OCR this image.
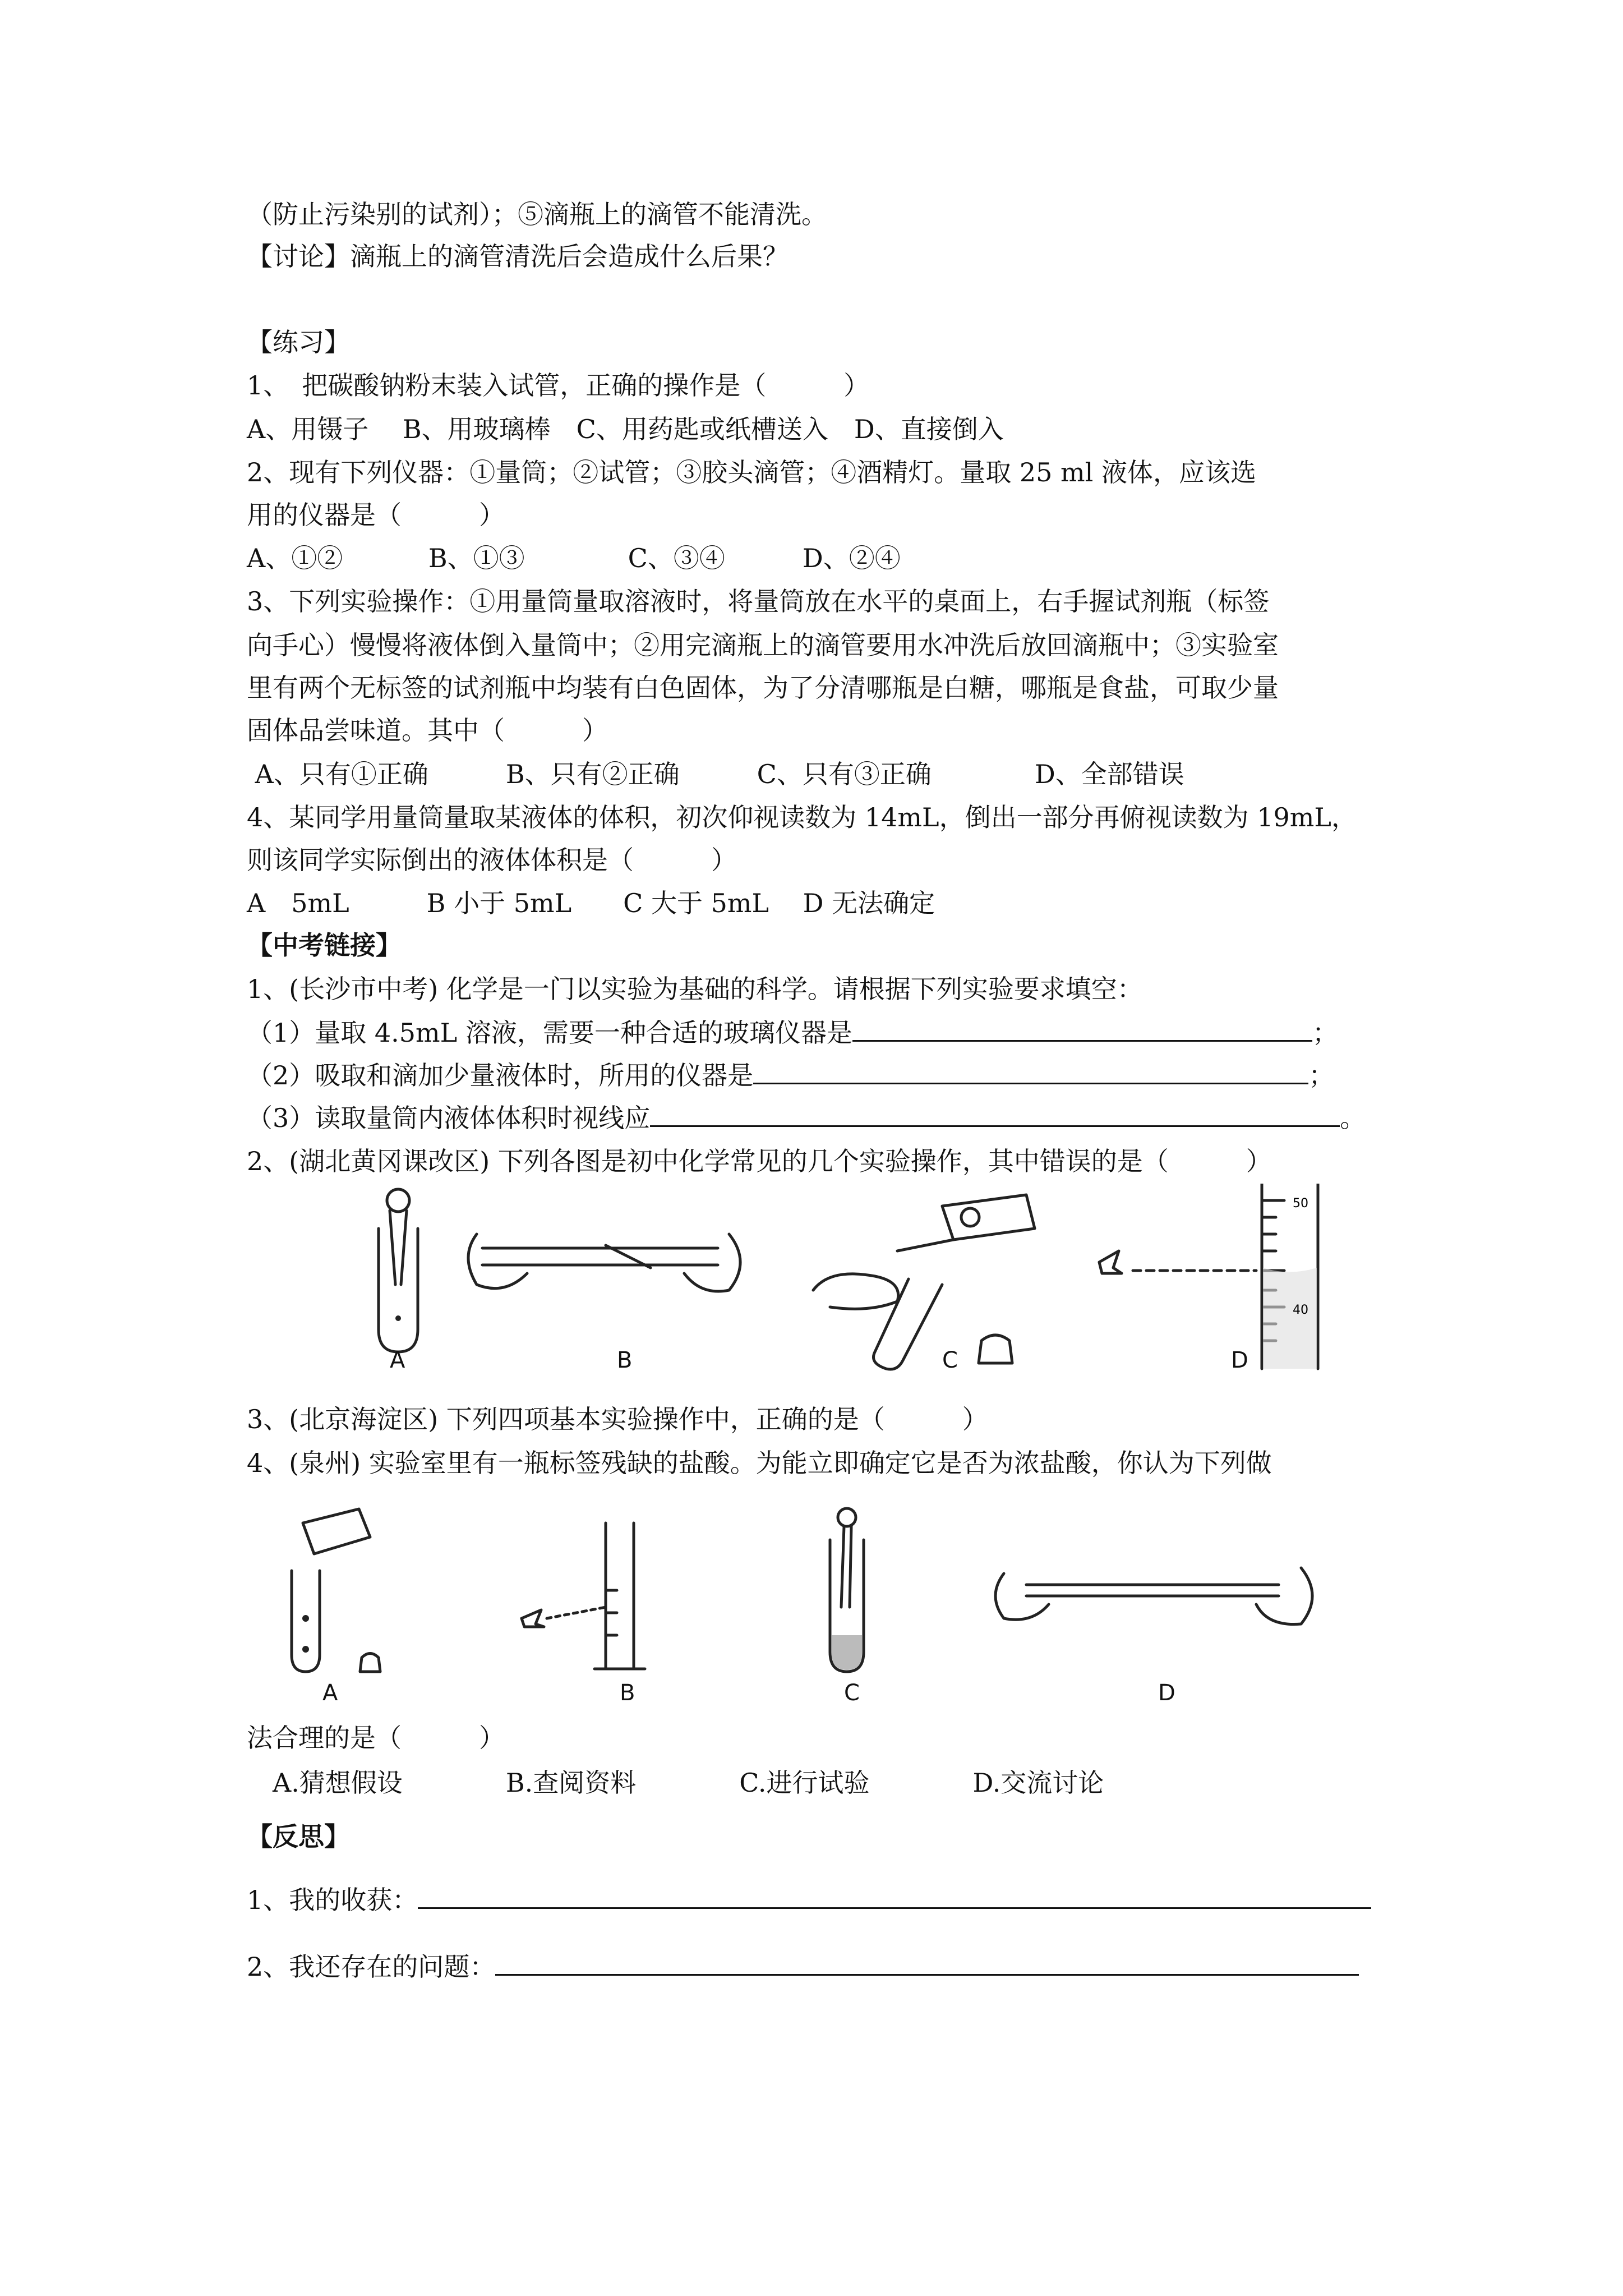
（防止污染别的试剂）；⑤滴瓶上的滴管不能清洗。
【讨论】滴瓶上的滴管清洗后会造成什么后果？
【练习】
1、　把碳酸钠粉末装入试管，正确的操作是（　　　）
A、用镊子　 B、用玻璃棒　C、用药匙或纸槽送入　D、直接倒入
2、现有下列仪器：①量筒；②试管；③胶头滴管；④酒精灯。量取 25 ml 液体，应该选
用的仪器是（　　　）
A、①②　　　 B、①③　　　　C、③④　　　D、②④
3、下列实验操作：①用量筒量取溶液时，将量筒放在水平的桌面上，右手握试剂瓶（标签
向手心）慢慢将液体倒入量筒中；②用完滴瓶上的滴管要用水冲洗后放回滴瓶中；③实验室
里有两个无标签的试剂瓶中均装有白色固体，为了分清哪瓶是白糖，哪瓶是食盐，可取少量
固体品尝味道。其中（　　　）
A、只有①正确　　　B、只有②正确　　　C、只有③正确　　　　D、全部错误
4、某同学用量筒量取某液体的体积，初次仰视读数为 14mL，倒出一部分再俯视读数为 19mL，
则该同学实际倒出的液体体积是（　　　）
A　5mL　　　B 小于 5mL　　C 大于 5mL　 D 无法确定
【中考链接】
1、(长沙市中考) 化学是一门以实验为基础的科学。请根据下列实验要求填空：
（1）量取 4.5mL 溶液，需要一种合适的玻璃仪器是	；
（2）吸取和滴加少量液体时，所用的仪器是	；
（3）读取量筒内液体体积时视线应	。
2、(湖北黄冈课改区) 下列各图是初中化学常见的几个实验操作，其中错误的是（　　　）
50
40
A	B	C	D
3、(北京海淀区) 下列四项基本实验操作中，正确的是（　　　）
4、(泉州) 实验室里有一瓶标签残缺的盐酸。为能立即确定它是否为浓盐酸，你认为下列做
A	B	C	D
法合理的是（　　　）
　A.猜想假设　　　　B.查阅资料　　　　C.进行试验　　　　D.交流讨论
【反思】
1、我的收获：
2、我还存在的问题：
